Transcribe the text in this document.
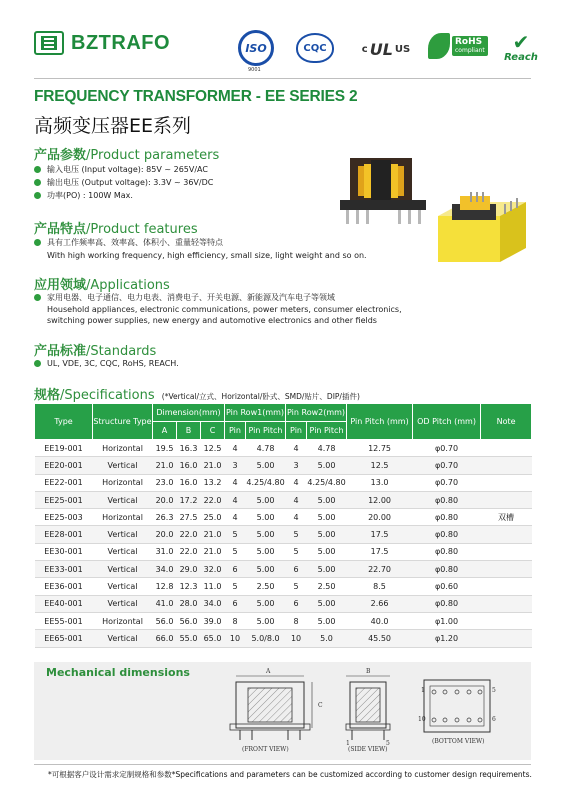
BZTRAFO	ISO
9001
CQC	c UL US
RoHS
compliant ✔
Reach
FREQUENCY TRANSFORMER - EE SERIES 2
高频变压器EE系列
产品参数/Product parameters
输入电压 (Input voltage): 85V ~ 265V/AC
输出电压 (Output voltage): 3.3V ~ 36V/DC
功率(PO) : 100W Max.
产品特点/Product features
具有工作频率高、效率高、体积小、重量轻等特点
With high working frequency, high efficiency, small size, light weight and so on.
应用领域/Applications
家用电器、电子通信、电力电表、消费电子、开关电源、新能源及汽车电子等领域
Household appliances, electronic communications, power meters, consumer electronics,
switching power supplies, new energy and automotive electronics and other fields
产品标准/Standards
UL, VDE, 3C, CQC, RoHS, REACH.
规格/Specifications (*Vertical/立式、Horizontal/卧式、SMD/贴片、DIP/插件)
Type	Structure Type	Dimension(mm)			Pin Row1(mm)		Pin Row2(mm)		Pin Pitch (mm)	OD Pitch (mm)	Note
		A	B	C	Pin	Pin Pitch	Pin	Pin Pitch			
EE19-001	Horizontal	19.5	16.3	12.5	4	4.78	4	4.78	12.75	φ0.70	
EE20-001	Vertical	21.0	16.0	21.0	3	5.00	3	5.00	12.5	φ0.70	
EE22-001	Horizontal	23.0	16.0	13.2	4	4.25/4.80	4	4.25/4.80	13.0	φ0.70	
EE25-001	Vertical	20.0	17.2	22.0	4	5.00	4	5.00	12.00	φ0.80	
EE25-003	Horizontal	26.3	27.5	25.0	4	5.00	4	5.00	20.00	φ0.80	双槽
EE28-001	Vertical	20.0	22.0	21.0	5	5.00	5	5.00	17.5	φ0.80	
EE30-001	Vertical	31.0	22.0	21.0	5	5.00	5	5.00	17.5	φ0.80	
EE33-001	Vertical	34.0	29.0	32.0	6	5.00	6	5.00	22.70	φ0.80	
EE36-001	Vertical	12.8	12.3	11.0	5	2.50	5	2.50	8.5	φ0.60	
EE40-001	Vertical	41.0	28.0	34.0	6	5.00	6	5.00	2.66	φ0.80	
EE55-001	Horizontal	56.0	56.0	39.0	8	5.00	8	5.00	40.0	φ1.00	
EE65-001	Vertical	66.0	55.0	65.0	10	5.0/8.0	10	5.0	45.50	φ1.20	
Mechanical dimensions	A
C
(FRONT VIEW)
B
1	5
(SIDE VIEW)
1	5
10	6
(BOTTOM VIEW)
*可根据客户设计需求定制规格和参数*Specifications and parameters can be customized according to customer design requirements.
